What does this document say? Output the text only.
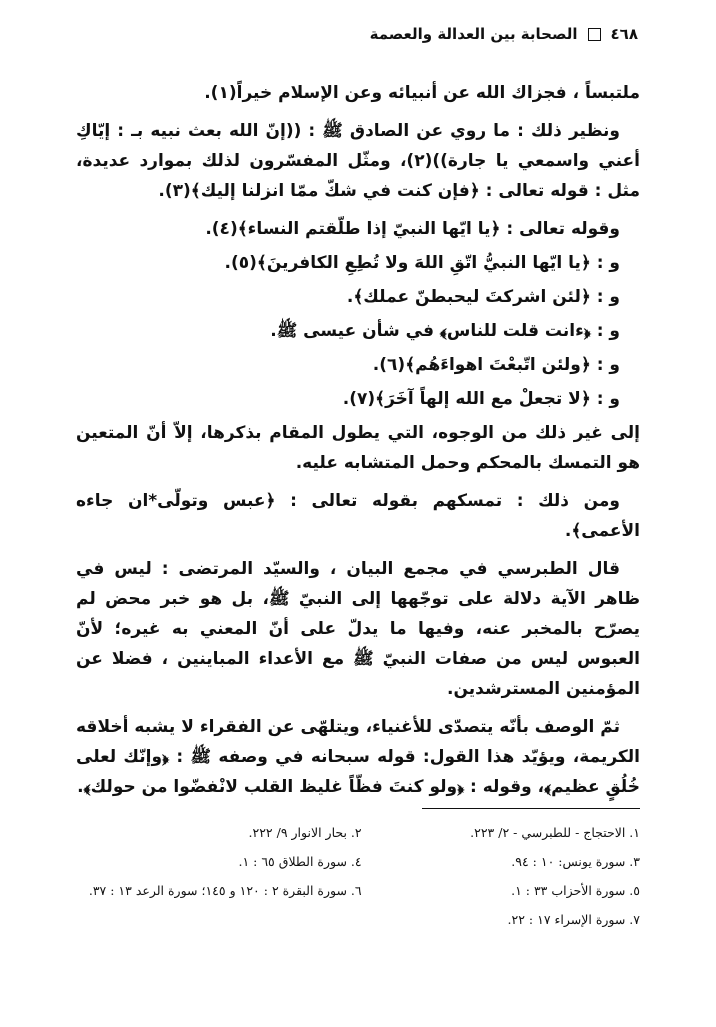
٤٦٨
الصحابة بين العدالة والعصمة

ملتبساً ، فجزاك الله عن أنبيائه وعن الإسلام خيراً(١).

ونظير ذلك : ما روي عن الصادق ﷺ : ((إنّ الله بعث نبيه بـ : إيّاكِ أعني واسمعي يا جارة))(٢)، ومثّل المفسّرون لذلك بموارد عديدة، مثل : قوله تعالى : ﴿فإن كنت في شكّ ممّا انزلنا إليك﴾(٣).

وقوله تعالى : ﴿يا ايّها النبيّ إذا طلّقتم النساء﴾(٤).

و : ﴿يا ايّها النبيُّ اتّقِ اللهَ ولا تُطِعِ الكافرينَ﴾(٥).

و : ﴿لئن اشركتَ ليحبطنّ عملك﴾.

و : ﴿ءانت قلت للناس﴾ في شأن عيسى ﷺ.

و : ﴿ولئن اتّبعْتَ اهواءَهُم﴾(٦).

و : ﴿لا تجعلْ مع الله إلهاً آخَرَ﴾(٧).

إلى غير ذلك من الوجوه، التي يطول المقام بذكرها، إلاّ أنّ المتعين هو التمسك بالمحكم وحمل المتشابه عليه.

ومن ذلك : تمسكهم بقوله تعالى : ﴿عبس وتولّى*ان جاءه الأعمى﴾.

قال الطبرسي في مجمع البيان ، والسيّد المرتضى : ليس في ظاهر الآية دلالة على توجّهها إلى النبيّ ﷺ، بل هو خبر محض لم يصرّح بالمخبر عنه، وفيها ما يدلّ على أنّ المعني به غيره؛ لأنّ العبوس ليس من صفات النبيّ ﷺ مع الأعداء المباينين ، فضلا عن المؤمنين المسترشدين.

ثمّ الوصف بأنّه يتصدّى للأغنياء، ويتلهّى عن الفقراء لا يشبه أخلاقه الكريمة، ويؤيّد هذا القول: قوله سبحانه في وصفه ﷺ : ﴿وإنّك لعلى خُلُقٍ عظيم﴾، وقوله : ﴿ولو كنتَ فظّاً غليظ القلب لانْفضّوا من حولك﴾.

١. الاحتجاج - للطبرسي - ٢/ ٢٢٣.
٢. بحار الانوار ٩/ ٢٢٢.
٣. سورة يونس: ١٠ : ٩٤.
٤. سورة الطلاق ٦٥ : ١.
٥. سورة الأحزاب ٣٣ : ١.
٦. سورة البقرة ٢ : ١٢٠ و ١٤٥؛ سورة الرعد ١٣ : ٣٧.
٧. سورة الإسراء ١٧ : ٢٢.
